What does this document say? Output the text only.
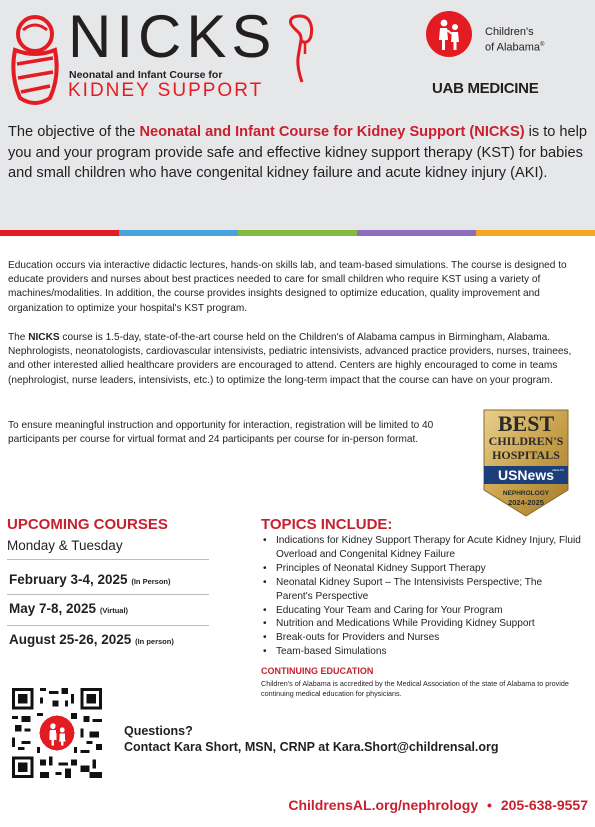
NICKS
Neonatal and Infant Course for
KIDNEY SUPPORT
Children's
of Alabama®
UAB MEDICINE
The objective of the Neonatal and Infant Course for Kidney Support (NICKS) is to help you and your program provide safe and effective kidney support therapy (KST) for babies and small children who have congenital kidney failure and acute kidney injury (AKI).

Education occurs via interactive didactic lectures, hands-on skills lab, and team-based simulations. The course is designed to educate providers and nurses about best practices needed to care for small children who require KST using a variety of machines/modalities. In addition, the course provides insights designed to optimize education, quality improvement and organization to optimize your hospital's KST program.

The NICKS course is 1.5-day, state-of-the-art course held on the Children's of Alabama campus in Birmingham, Alabama. Nephrologists, neonatologists, cardiovascular intensivists, pediatric intensivists, advanced practice providers, nurses, trainees, and other interested allied healthcare providers are encouraged to attend. Centers are highly encouraged to come in teams (nephrologist, nurse leaders, intensivists, etc.) to optimize the long-term impact that the course can have on your program.

To ensure meaningful instruction and opportunity for interaction, registration will be limited to 40 participants per course for virtual format and 24 participants per course for in-person format.

BEST
CHILDREN'S
HOSPITALS
USNews
HEALTH
NEPHROLOGY
2024-2025
UPCOMING COURSES
Monday & Tuesday
February 3-4, 2025 (In Person)
May 7-8, 2025 (Virtual)
August 25-26, 2025 (In person)
TOPICS INCLUDE:
• Indications for Kidney Support Therapy for Acute Kidney Injury, Fluid Overload and Congenital Kidney Failure
• Principles of Neonatal Kidney Support Therapy
• Neonatal Kidney Suport – The Intensivists Perspective; The Parent's Perspective
• Educating Your Team and Caring for Your Program
• Nutrition and Medications While Providing Kidney Support
• Break-outs for Providers and Nurses
• Team-based Simulations
CONTINUING EDUCATION
Children's of Alabama is accredited by the Medical Association of the state of Alabama to provide continuing medical education for physicians.
Questions?
Contact Kara Short, MSN, CRNP at Kara.Short@childrensal.org
ChildrensAL.org/nephrology • 205-638-9557
